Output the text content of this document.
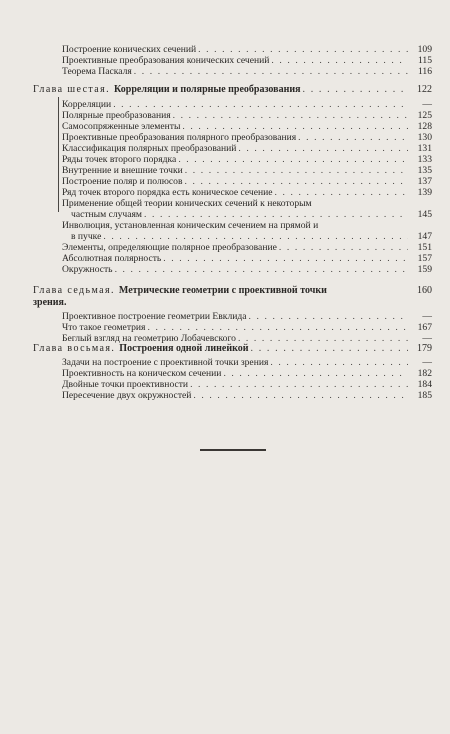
Построение конических сечений . . .	109
Проективные преобразования конических сечений . . .	115
Теорема Паскаля . . .	116
Глава шестая. Корреляции и полярные преобразования . . .	122
Корреляции . . .	—
Полярные преобразования . . .	125
Самосопряженные элементы . . .	128
Проективные преобразования полярного преобразования . . .	130
Классификация полярных преобразований . . .	131
Ряды точек второго порядка . . .	133
Внутренние и внешние точки . . .	135
Построение поляр и полюсов . . .	137
Ряд точек второго порядка есть коническое сечение . . .	139
Применение общей теории конических сечений к некоторым
частным случаям . . .	145
Инволюция, установленная коническим сечением на прямой и
в пучке . . .	147
Элементы, определяющие полярное преобразование . . .	151
Абсолютная полярность . . .	157
Окружность . . .	159
Глава седьмая. Метрические геометрии с проективной точки	160
зрения.
Проективное построение геометрии Евклида . . .	—
Что такое геометрия . . .	167
Беглый взгляд на геометрию Лобачевского . . .	—
Глава восьмая. Построения одной линейкой . . .	179
Задачи на построение с проективной точки зрения . . .	—
Проективность на коническом сечении . . .	182
Двойные точки проективности . . .	184
Пересечение двух окружностей . . .	185
